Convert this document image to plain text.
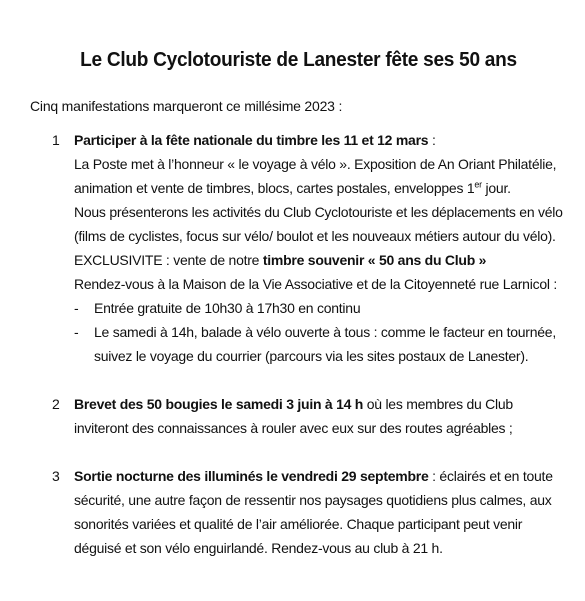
Le Club Cyclotouriste de Lanester fête ses 50 ans

Cinq manifestations marqueront ce millésime 2023 :

1 Participer à la fête nationale du timbre les 11 et 12 mars :

La Poste met à l’honneur « le voyage à vélo ». Exposition de An Oriant Philatélie,

animation et vente de timbres, blocs, cartes postales, enveloppes 1er jour.

Nous présenterons les activités du Club Cyclotouriste et les déplacements en vélo

(films de cyclistes, focus sur vélo/ boulot et les nouveaux métiers autour du vélo).

EXCLUSIVITE : vente de notre timbre souvenir « 50 ans du Club »

Rendez-vous à la Maison de la Vie Associative et de la Citoyenneté rue Larnicol :

- Entrée gratuite de 10h30 à 17h30 en continu
- Le samedi à 14h, balade à vélo ouverte à tous : comme le facteur en tournée, suivez le voyage du courrier (parcours via les sites postaux de Lanester).
2 Brevet des 50 bougies le samedi 3 juin à 14 h où les membres du Club inviteront des connaissances à rouler avec eux sur des routes agréables ;

3 Sortie nocturne des illuminés le vendredi 29 septembre : éclairés et en toute sécurité, une autre façon de ressentir nos paysages quotidiens plus calmes, aux sonorités variées et qualité de l’air améliorée. Chaque participant peut venir déguisé et son vélo enguirlandé. Rendez-vous au club à 21 h.
